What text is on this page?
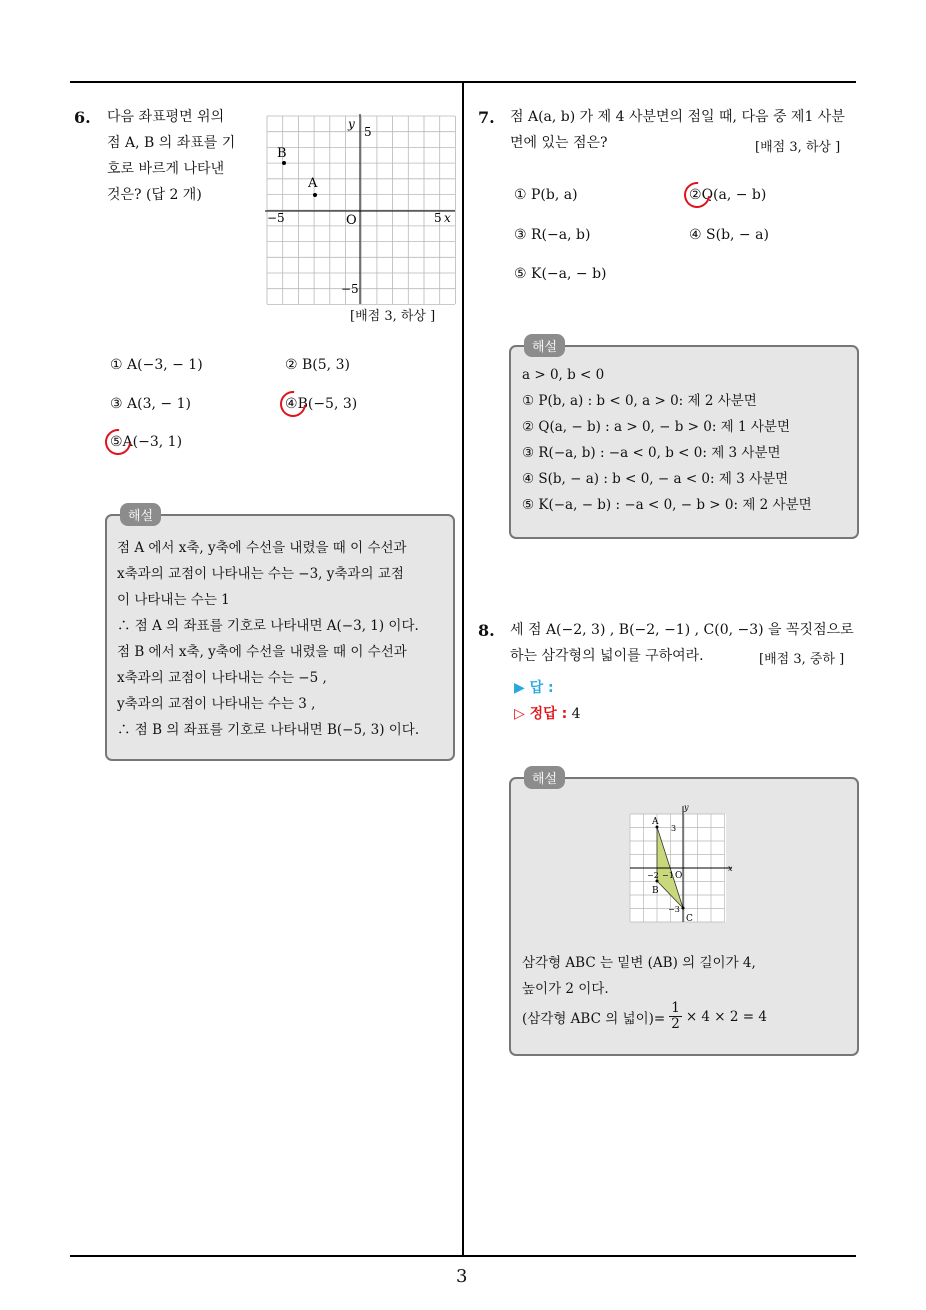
3
6. 다음 좌표평면 위의
점 A, B 의 좌표를 기
호로 바르게 나타낸
것은? (답 2 개)
B
A
O
y
5
−5	5 x
−5
[배점 3, 하상 ]
① A(−3, − 1)	② B(5, 3)
③ A(3, − 1)	④B(−5, 3)
⑤A(−3, 1)
해설
점 A 에서 x축, y축에 수선을 내렸을 때 이 수선과
x축과의 교점이 나타내는 수는 −3, y축과의 교점
이 나타내는 수는 1
∴ 점 A 의 좌표를 기호로 나타내면 A(−3, 1) 이다.
점 B 에서 x축, y축에 수선을 내렸을 때 이 수선과
x축과의 교점이 나타내는 수는 −5 ,
y축과의 교점이 나타내는 수는 3 ,
∴ 점 B 의 좌표를 기호로 나타내면 B(−5, 3) 이다.
7. 점 A(a, b) 가 제 4 사분면의 점일 때, 다음 중 제1 사분
면에 있는 점은?	[배점 3, 하상 ]
① P(b, a)	②Q(a, − b)
③ R(−a, b)	④ S(b, − a)
⑤ K(−a, − b)
해설
a > 0, b < 0
① P(b, a) : b < 0, a > 0: 제 2 사분면
② Q(a, − b) : a > 0, − b > 0: 제 1 사분면
③ R(−a, b) : −a < 0, b < 0: 제 3 사분면
④ S(b, − a) : b < 0, − a < 0: 제 3 사분면
⑤ K(−a, − b) : −a < 0, − b > 0: 제 2 사분면
8. 세 점 A(−2, 3) , B(−2, −1) , C(0, −3) 을 꼭짓점으로
하는 삼각형의 넓이를 구하여라.	[배점 3, 중하 ]
▶ 답 :
▷ 정답 : 4
해설
A
B
C
O
y
x
3
−3
−2 −1
삼각형 ABC 는 밑변 (AB) 의 길이가 4,
높이가 2 이다.
(삼각형 ABC 의 넓이)= $\frac{1}{2} \times 4 \times 2 = 4$
